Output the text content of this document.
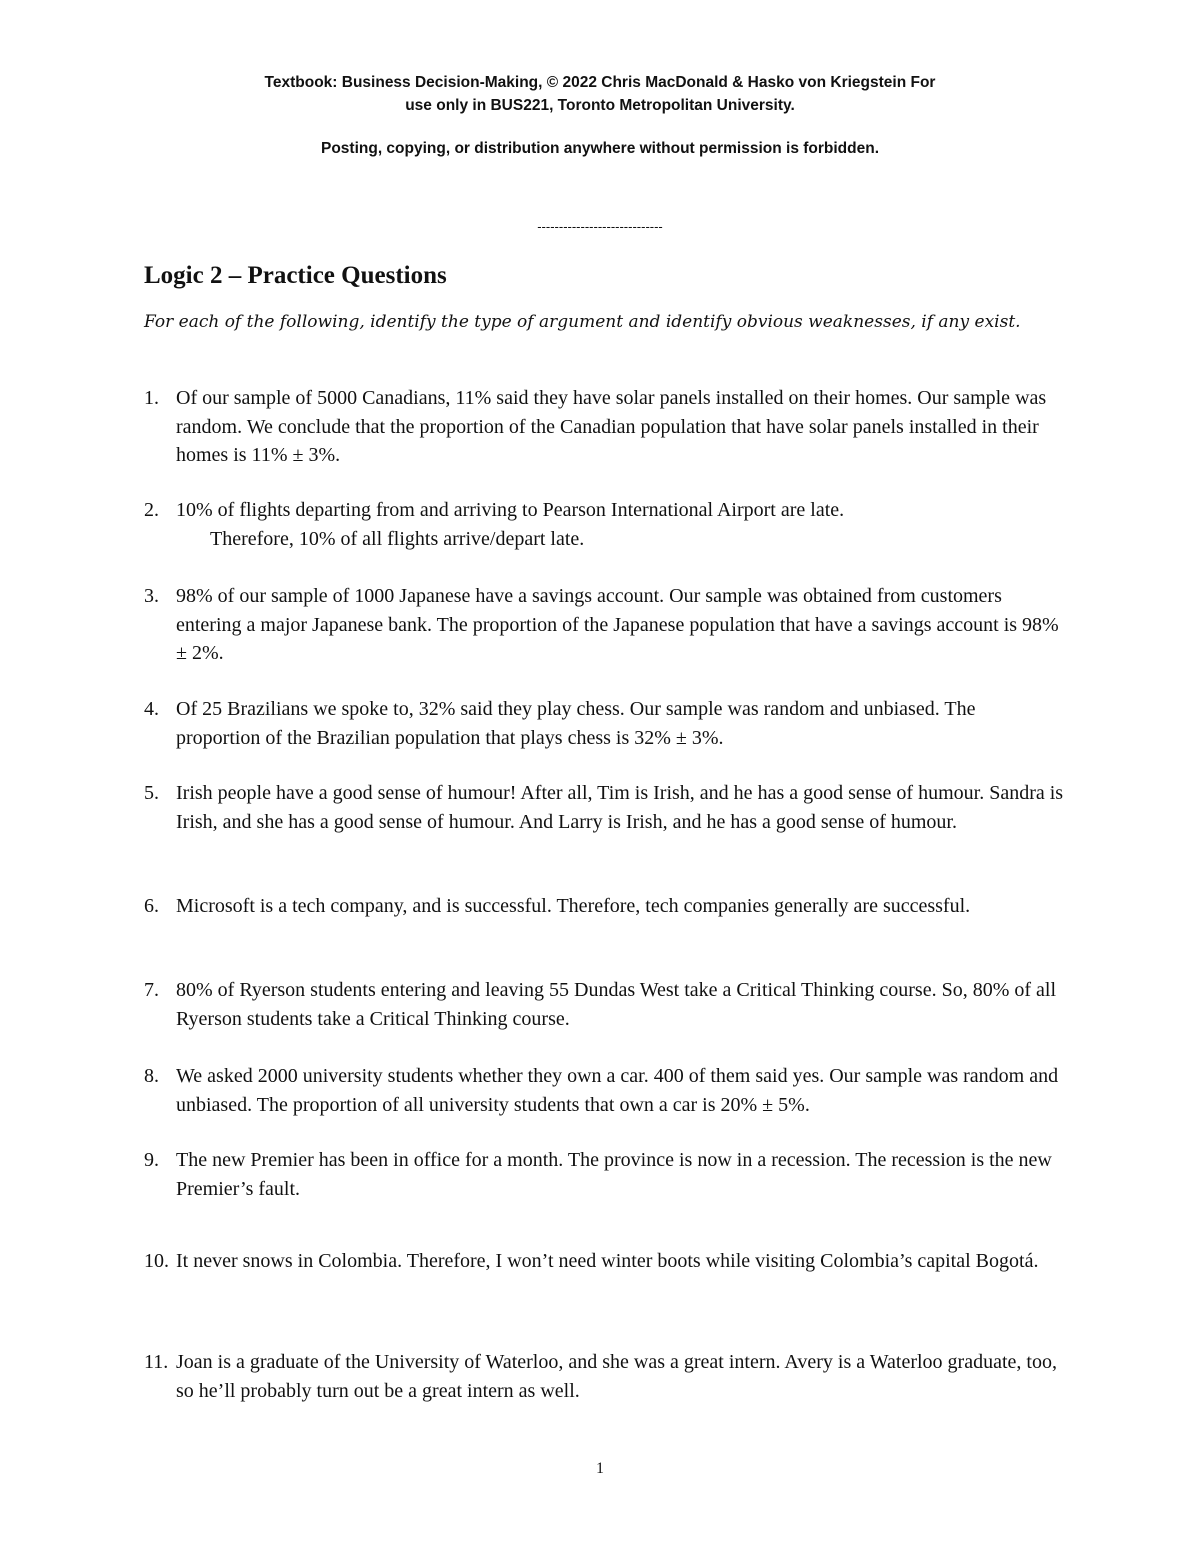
Textbook: Business Decision-Making, © 2022 Chris MacDonald & Hasko von Kriegstein For
use only in BUS221, Toronto Metropolitan University.
Posting, copying, or distribution anywhere without permission is forbidden.
-----------------------------
Logic 2 – Practice Questions
For each of the following, identify the type of argument and identify obvious weaknesses, if any exist.
1. Of our sample of 5000 Canadians, 11% said they have solar panels installed on their homes. Our sample was random. We conclude that the proportion of the Canadian population that have solar panels installed in their homes is 11% ± 3%.
2. 10% of flights departing from and arriving to Pearson International Airport are late.
Therefore, 10% of all flights arrive/depart late.
3. 98% of our sample of 1000 Japanese have a savings account. Our sample was obtained from customers entering a major Japanese bank. The proportion of the Japanese population that have a savings account is 98% ± 2%.
4. Of 25 Brazilians we spoke to, 32% said they play chess. Our sample was random and unbiased. The proportion of the Brazilian population that plays chess is 32% ± 3%.
5. Irish people have a good sense of humour! After all, Tim is Irish, and he has a good sense of humour. Sandra is Irish, and she has a good sense of humour. And Larry is Irish, and he has a good sense of humour.
6. Microsoft is a tech company, and is successful. Therefore, tech companies generally are successful.
7. 80% of Ryerson students entering and leaving 55 Dundas West take a Critical Thinking course. So, 80% of all Ryerson students take a Critical Thinking course.
8. We asked 2000 university students whether they own a car. 400 of them said yes. Our sample was random and unbiased. The proportion of all university students that own a car is 20% ± 5%.
9. The new Premier has been in office for a month. The province is now in a recession. The recession is the new Premier’s fault.
10. It never snows in Colombia. Therefore, I won’t need winter boots while visiting Colombia’s capital Bogotá.
11. Joan is a graduate of the University of Waterloo, and she was a great intern. Avery is a Waterloo graduate, too, so he’ll probably turn out be a great intern as well.
1
